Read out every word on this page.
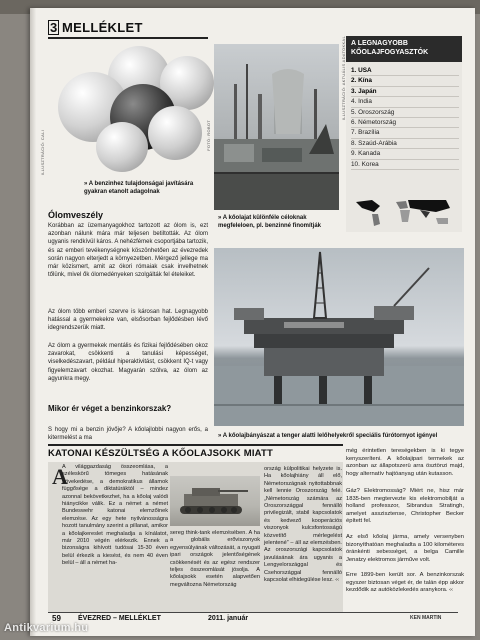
3 MELLÉKLET
ILLUSZTRÁCIÓ: CALI	FOTÓ: ROBOT
ILLUSZTRÁCIÓ: AKTUÁLIS ADATOKKAL
» A benzinhez tulajdonságai javítására gyakran etanolt adagolnak
» A kőolajat különféle céloknak megfeleloen, pl. benzinné finomítják
A LEGNAGYOBB KŐOLAJFOGYASZTÓK
1. USA
2. Kína
3. Japán
4. India
5. Oroszország
6. Németország
7. Brazília
8. Szaúd-Arábia
9. Kanada
10. Korea
Ólomveszély
Korábban az üzemanyagokhoz tartozott az ólom is, ezt azonban nálunk mára már teljesen betiltották. Az ólom ugyanis rendkívül káros. A nehézfémek csoportjába tartozik, és az emberi tevékenységnek köszönhetően az évezredek során nagyon elterjedt a környezetben. Mérgező jellege ma már közismert, amit az ókori rómaiak csak invelhetnek tőlünk, mivel ők ólomedényeken szolgálták fel ételeiket.
Az ólom több emberi szervre is károsan hat. Legnagyobb hatással a gyermekekre van, elsősorban fejlődésben lévő idegrendszerük miatt.
Az ólom a gyermekek mentális és fizikai fejlődésében okoz zavarokat, csökkenti a tanulási képességet, viselkedészavart, például hiperaktivitást, csökkent IQ-t vagy figyelemzavart okozhat. Magyarán szólva, az ólom az agyunkra megy.
Mikor ér véget a benzinkorszak?
S hogy mi a benzin jövője? A kőolajlobbi nagyon erős, a kitermelést a ma	» A kőolajbányászat a tenger alatti lelőhelyekről speciális fúrótornyot igényel
KATONAI KÉSZÜLTSÉG A KŐOLAJSOKK MIATT
A
A világgazdaság összeomlása, a széleskörű tömeges hatásának növekedése, a demokratikus államok függősége a diktatúráktól – mindez azonnal bekövetkezhet, ha a kőolaj valódi hiánycikke válik. Ez a német a német Bundeswehr katonai elemzőinek elemzése. Az egy hete nyilvánosságra hozott tanulmány szerint a pillanat, amikor a kőolajkereslet meghaladja a kínálatot, már 2010 végén elérkezik. Ennek a bizonságra kihívott tudósai 15-30 éven belül érkezik a kiesést, és nem 40 éven belül – áll a német ha-
sereg think-tank elemzésében. A ha a globális erőviszonyok egyensúlyának változását, a nyugati ipari országok jelentőségének csökkenését és az egész rendszer teljes összeomlását jósolja. A kőolajsokk esetén alapvetően megváltozna Németország
ország külpolitikai helyzete is. Ha kőolajhiány áll elő, Németországnak nyitottabbnak kell lennie Oroszország felé. „Németország számára az Oroszországgal fennálló privilegizált, stabil kapcsolatok és kedvező kooperációs viszonyok kulcsfontosságú közvetítő mérlegelést jelentené” – áll az elemzésben. Az oroszországi kapcsolatok javulásának ára ugyanis a Lengyelországgal és Csehországgal fennálló kapcsolat elhidegülése lesz. ‹‹
még érintetlen tereségekben is ki tegye kenyszeríteni. A kőolajipari termekek az azonban az állapotszerü arra ösztönzi majd, hogy alternatív hajtóanyag után kutasson.
Gáz? Elektromosság? Miért ne, hisz már 1835-ben megtervezte kis elektromobilját a holland professzor, Sibrandus Stratingh, amelyet asszisztense, Christopher Becker épített fel.
Az első kőolaj járma, amely versenyben bizonyíthatóan meghaladta a 100 kilométeres óránkénti sebességet, a belga Camille Jenatzy elektromos járműve volt.
Erre 1899-ben került sor. A benzinkorszak egyszer biztosan véget ér, de talán épp akkor kezdődik az autóközlekedés aranykora. ‹‹
59 ÉVEZRED – MELLÉKLET	2011. január	KEN MARTIN
Antikvarium.hu
